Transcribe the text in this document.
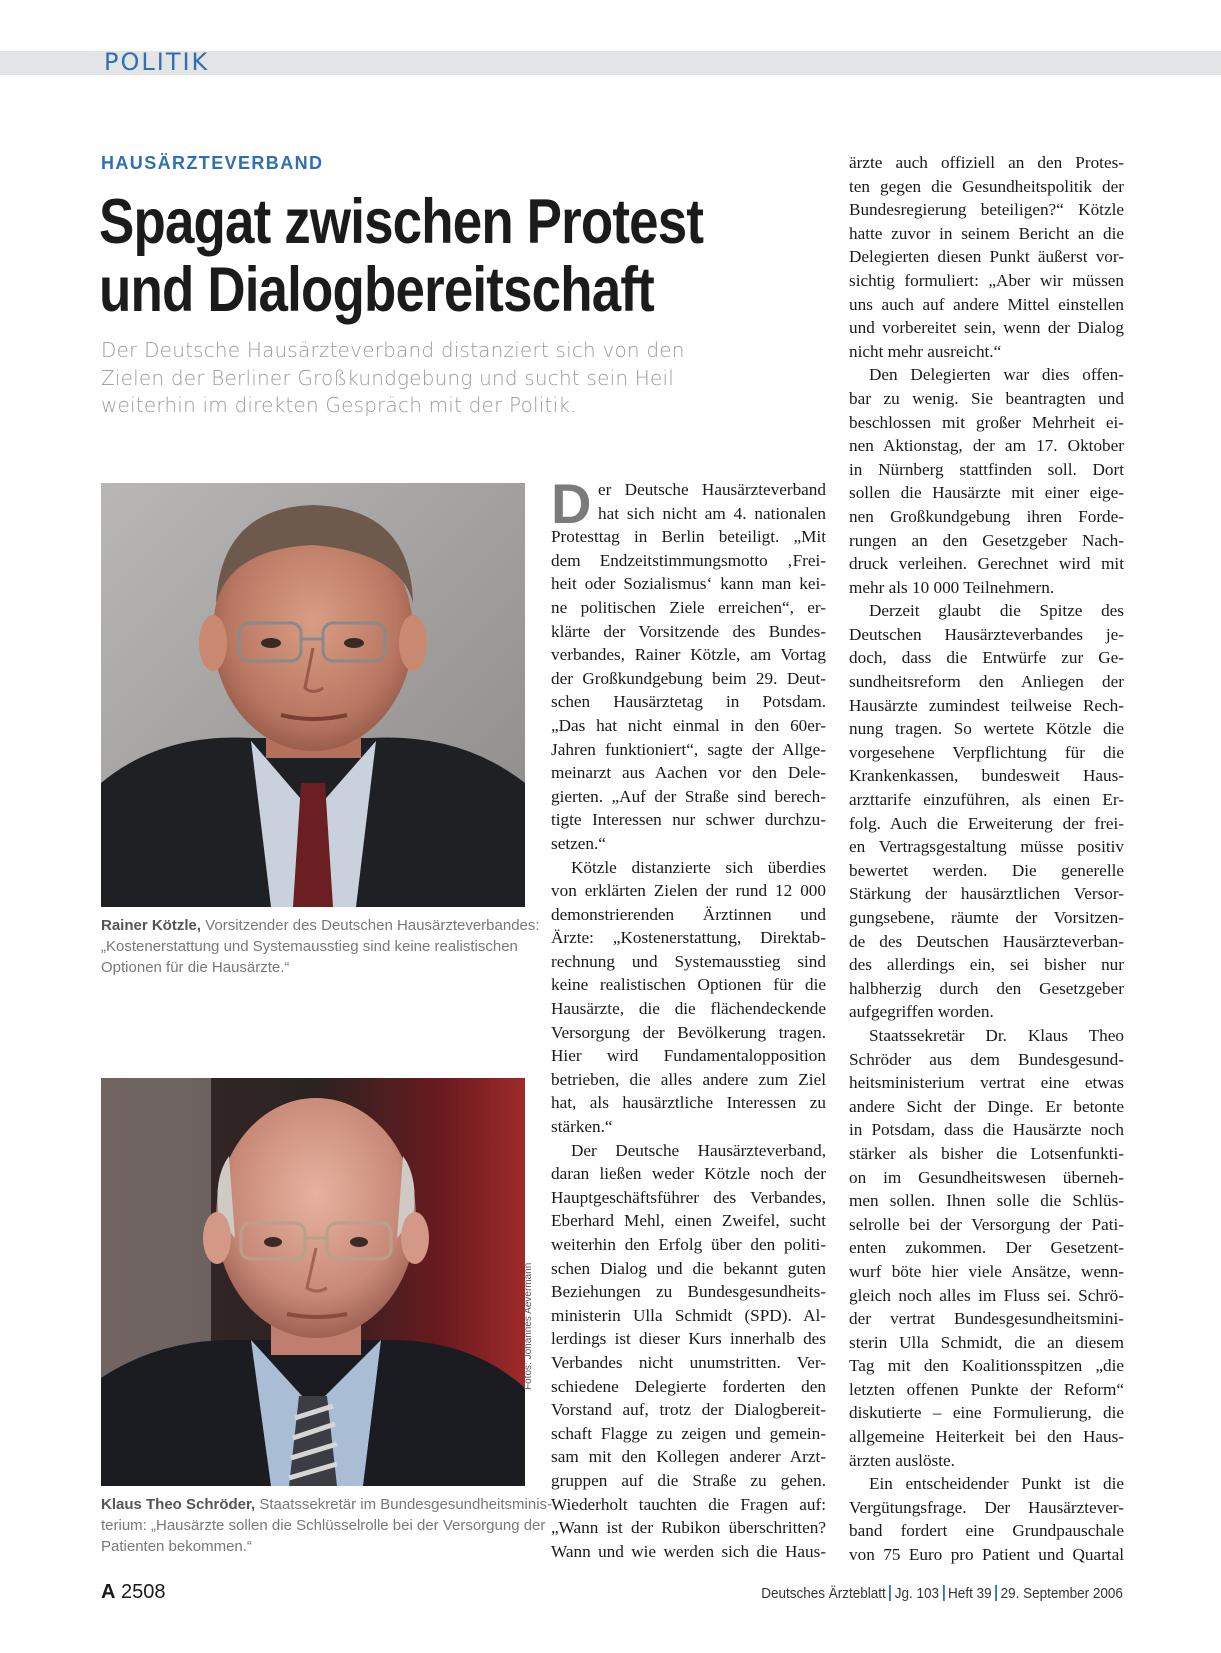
POLITIK
HAUSÄRZTEVERBAND
Spagat zwischen Protest
und Dialogbereitschaft
Der Deutsche Hausärzteverband distanziert sich von den
Zielen der Berliner Großkundgebung und sucht sein Heil
weiterhin im direkten Gespräch mit der Politik.
Rainer Kötzle, Vorsitzender des Deutschen Hausärzteverbandes:
„Kostenerstattung und Systemausstieg sind keine realistischen
Optionen für die Hausärzte.“
Fotos: Johannes Aevermann
Klaus Theo Schröder, Staatssekretär im Bundesgesundheitsminis-
terium: „Hausärzte sollen die Schlüsselrolle bei der Versorgung der
Patienten bekommen.“
D er Deutsche Hausärzteverband
hat sich nicht am 4. nationalen
Protesttag in Berlin beteiligt. „Mit
dem Endzeitstimmungsmotto ‚Frei-
heit oder Sozialismus‘ kann man kei-
ne politischen Ziele erreichen“, er-
klärte der Vorsitzende des Bundes-
verbandes, Rainer Kötzle, am Vortag
der Großkundgebung beim 29. Deut-
schen Hausärztetag in Potsdam.
„Das hat nicht einmal in den 60er-
Jahren funktioniert“, sagte der Allge-
meinarzt aus Aachen vor den Dele-
gierten. „Auf der Straße sind berech-
tigte Interessen nur schwer durchzu-
setzen.“
Kötzle distanzierte sich überdies
von erklärten Zielen der rund 12 000
demonstrierenden Ärztinnen und
Ärzte: „Kostenerstattung, Direktab-
rechnung und Systemausstieg sind
keine realistischen Optionen für die
Hausärzte, die die flächendeckende
Versorgung der Bevölkerung tragen.
Hier wird Fundamentalopposition
betrieben, die alles andere zum Ziel
hat, als hausärztliche Interessen zu
stärken.“
Der Deutsche Hausärzteverband,
daran ließen weder Kötzle noch der
Hauptgeschäftsführer des Verbandes,
Eberhard Mehl, einen Zweifel, sucht
weiterhin den Erfolg über den politi-
schen Dialog und die bekannt guten
Beziehungen zu Bundesgesundheits-
ministerin Ulla Schmidt (SPD). Al-
lerdings ist dieser Kurs innerhalb des
Verbandes nicht unumstritten. Ver-
schiedene Delegierte forderten den
Vorstand auf, trotz der Dialogbereit-
schaft Flagge zu zeigen und gemein-
sam mit den Kollegen anderer Arzt-
gruppen auf die Straße zu gehen.
Wiederholt tauchten die Fragen auf:
„Wann ist der Rubikon überschritten?
Wann und wie werden sich die Haus-
ärzte auch offiziell an den Protes-
ten gegen die Gesundheitspolitik der
Bundesregierung beteiligen?“ Kötzle
hatte zuvor in seinem Bericht an die
Delegierten diesen Punkt äußerst vor-
sichtig formuliert: „Aber wir müssen
uns auch auf andere Mittel einstellen
und vorbereitet sein, wenn der Dialog
nicht mehr ausreicht.“
Den Delegierten war dies offen-
bar zu wenig. Sie beantragten und
beschlossen mit großer Mehrheit ei-
nen Aktionstag, der am 17. Oktober
in Nürnberg stattfinden soll. Dort
sollen die Hausärzte mit einer eige-
nen Großkundgebung ihren Forde-
rungen an den Gesetzgeber Nach-
druck verleihen. Gerechnet wird mit
mehr als 10 000 Teilnehmern.
Derzeit glaubt die Spitze des
Deutschen Hausärzteverbandes je-
doch, dass die Entwürfe zur Ge-
sundheitsreform den Anliegen der
Hausärzte zumindest teilweise Rech-
nung tragen. So wertete Kötzle die
vorgesehene Verpflichtung für die
Krankenkassen, bundesweit Haus-
arzttarife einzuführen, als einen Er-
folg. Auch die Erweiterung der frei-
en Vertragsgestaltung müsse positiv
bewertet werden. Die generelle
Stärkung der hausärztlichen Versor-
gungsebene, räumte der Vorsitzen-
de des Deutschen Hausärzteverban-
des allerdings ein, sei bisher nur
halbherzig durch den Gesetzgeber
aufgegriffen worden.
Staatssekretär Dr. Klaus Theo
Schröder aus dem Bundesgesund-
heitsministerium vertrat eine etwas
andere Sicht der Dinge. Er betonte
in Potsdam, dass die Hausärzte noch
stärker als bisher die Lotsenfunkti-
on im Gesundheitswesen überneh-
men sollen. Ihnen solle die Schlüs-
selrolle bei der Versorgung der Pati-
enten zukommen. Der Gesetzent-
wurf böte hier viele Ansätze, wenn-
gleich noch alles im Fluss sei. Schrö-
der vertrat Bundesgesundheitsmini-
sterin Ulla Schmidt, die an diesem
Tag mit den Koalitionsspitzen „die
letzten offenen Punkte der Reform“
diskutierte – eine Formulierung, die
allgemeine Heiterkeit bei den Haus-
ärzten auslöste.
Ein entscheidender Punkt ist die
Vergütungsfrage. Der Hausärztever-
band fordert eine Grundpauschale
von 75 Euro pro Patient und Quartal
A 2508	Deutsches Ärzteblatt Jg. 103 Heft 39 29. September 2006
